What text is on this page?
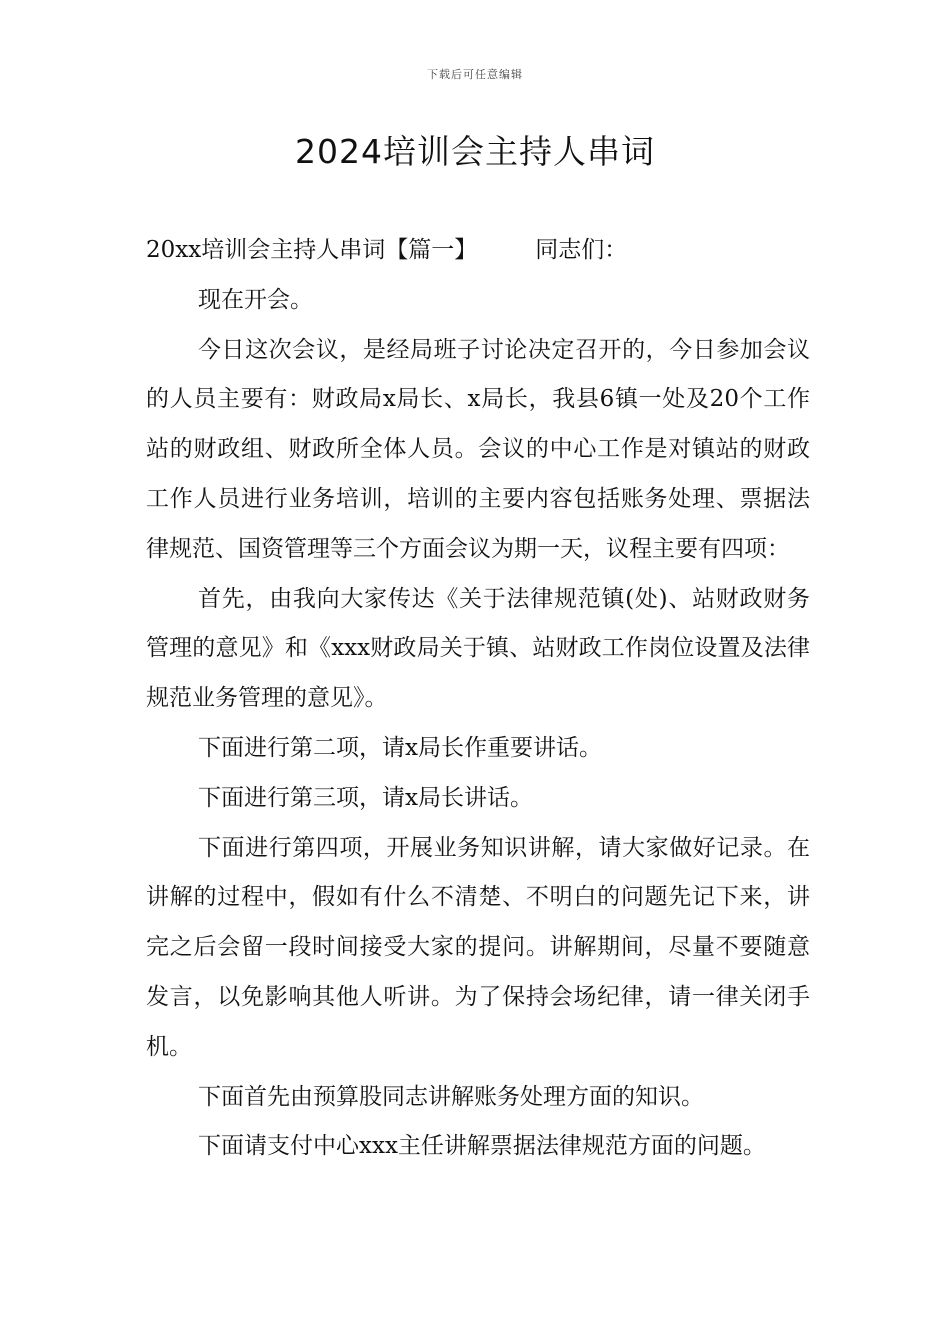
下载后可任意编辑
2024培训会主持人串词

20xx培训会主持人串词【篇一】	同志们：

现在开会。

今日这次会议，是经局班子讨论决定召开的，今日参加会议的人员主要有：财政局x局长、x局长，我县6镇一处及20个工作站的财政组、财政所全体人员。会议的中心工作是对镇站的财政工作人员进行业务培训，培训的主要内容包括账务处理、票据法律规范、国资管理等三个方面会议为期一天，议程主要有四项：

首先，由我向大家传达《关于法律规范镇(处)、站财政财务管理的意见》和《xxx财政局关于镇、站财政工作岗位设置及法律规范业务管理的意见》。

下面进行第二项，请x局长作重要讲话。

下面进行第三项，请x局长讲话。

下面进行第四项，开展业务知识讲解，请大家做好记录。在讲解的过程中，假如有什么不清楚、不明白的问题先记下来，讲完之后会留一段时间接受大家的提问。讲解期间，尽量不要随意发言，以免影响其他人听讲。为了保持会场纪律，请一律关闭手机。

下面首先由预算股同志讲解账务处理方面的知识。

下面请支付中心xxx主任讲解票据法律规范方面的问题。
